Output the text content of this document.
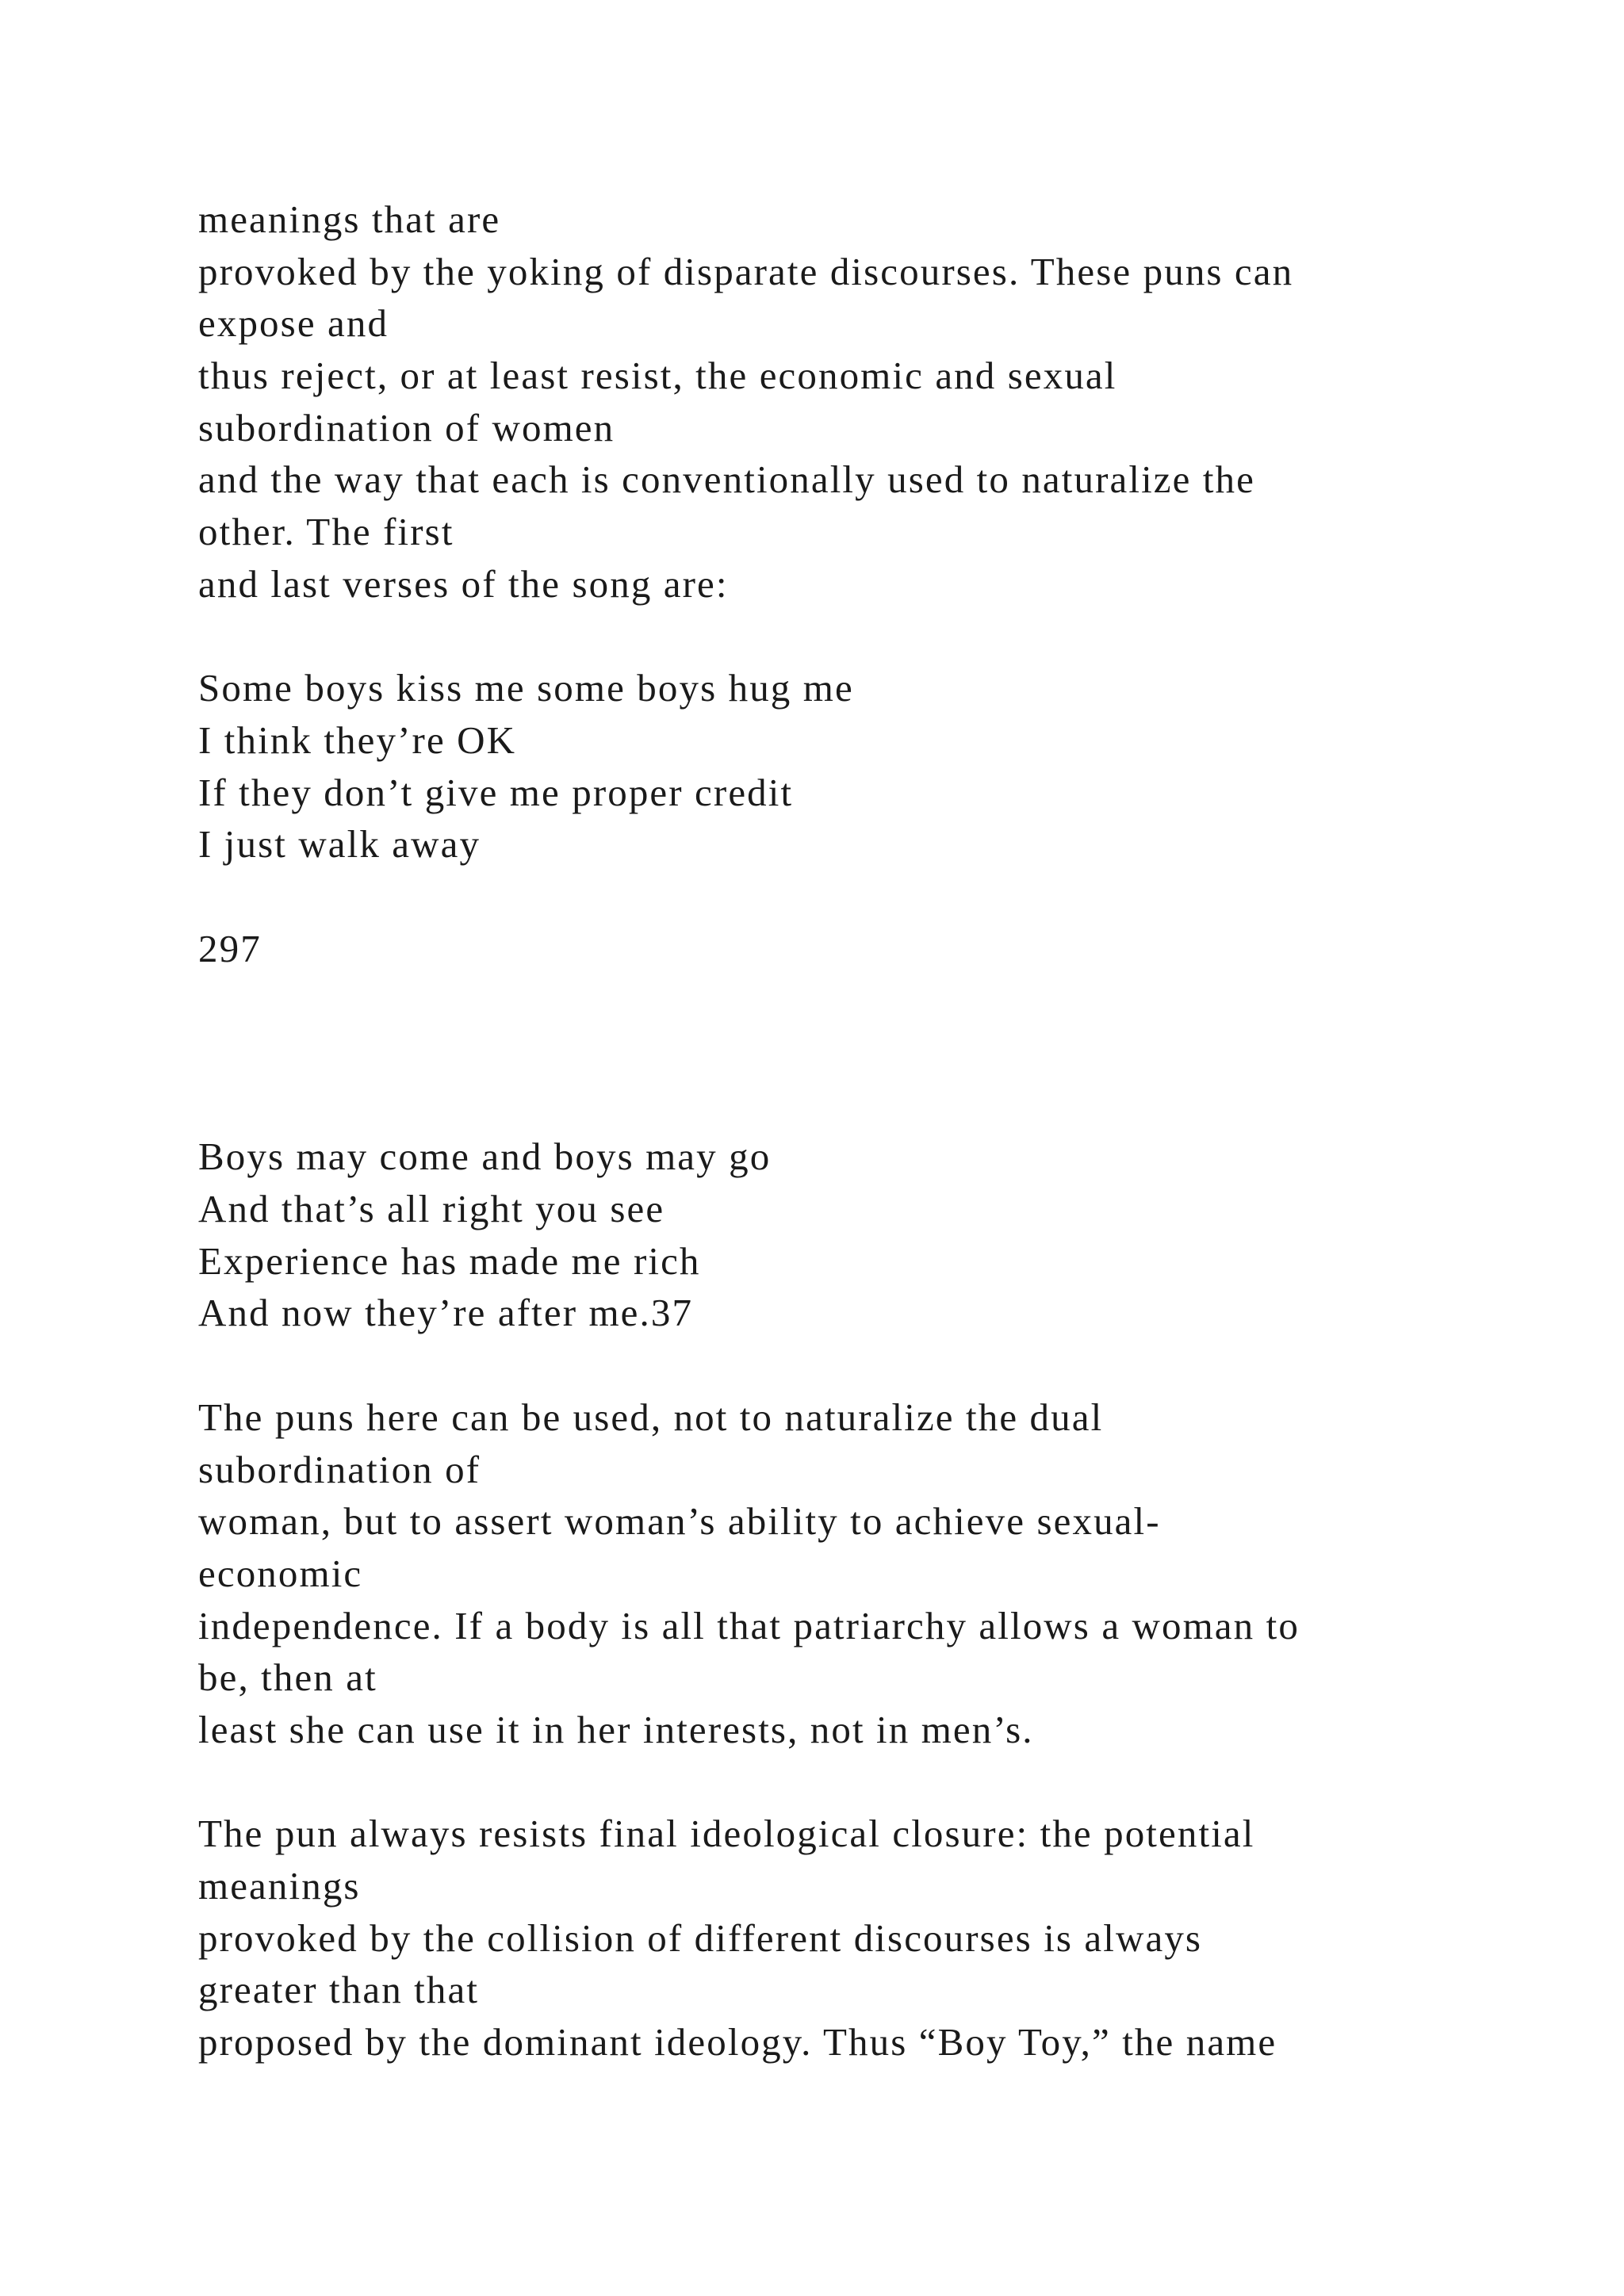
meanings that are
provoked by the yoking of disparate discourses. These puns can
expose and
thus reject, or at least resist, the economic and sexual
subordination of women
and the way that each is conventionally used to naturalize the
other. The first
and last verses of the song are:
Some boys kiss me some boys hug me
I think they’re OK
If they don’t give me proper credit
I just walk away
297
Boys may come and boys may go
And that’s all right you see
Experience has made me rich
And now they’re after me.37
The puns here can be used, not to naturalize the dual
subordination of
woman, but to assert woman’s ability to achieve sexual-
economic
independence. If a body is all that patriarchy allows a woman to
be, then at
least she can use it in her interests, not in men’s.
The pun always resists final ideological closure: the potential
meanings
provoked by the collision of different discourses is always
greater than that
proposed by the dominant ideology. Thus “Boy Toy,” the name
